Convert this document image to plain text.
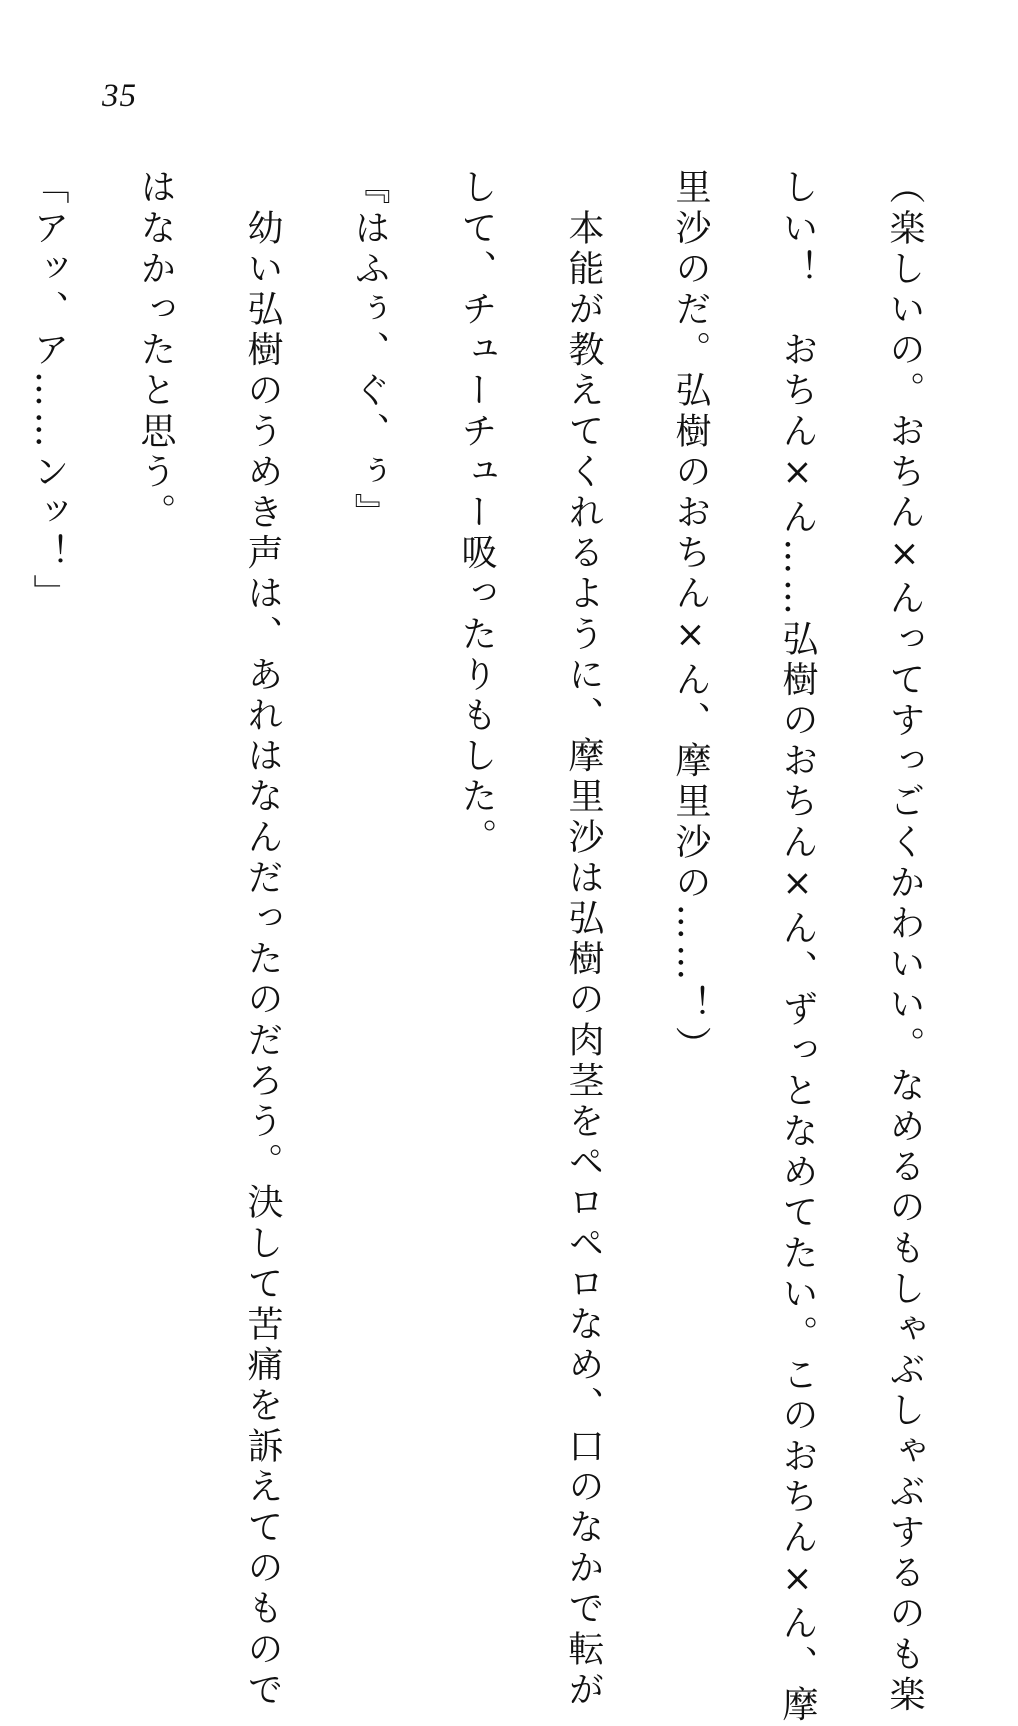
35
（楽しいの。おちん×んってすっごくかわいい。なめるのもしゃぶしゃぶするのも楽
しい！　おちん×ん……弘樹のおちん×ん、ずっとなめてたい。このおちん×ん、摩
里沙のだ。弘樹のおちん×ん、摩里沙の……！）
　本能が教えてくれるように、摩里沙は弘樹の肉茎をペロペロなめ、口のなかで転が
して、チューチュー吸ったりもした。
『はふぅ、ぐ、ぅ』
　幼い弘樹のうめき声は、あれはなんだったのだろう。決して苦痛を訴えてのもので
はなかったと思う。
「アッ、ア……ンッ！」
